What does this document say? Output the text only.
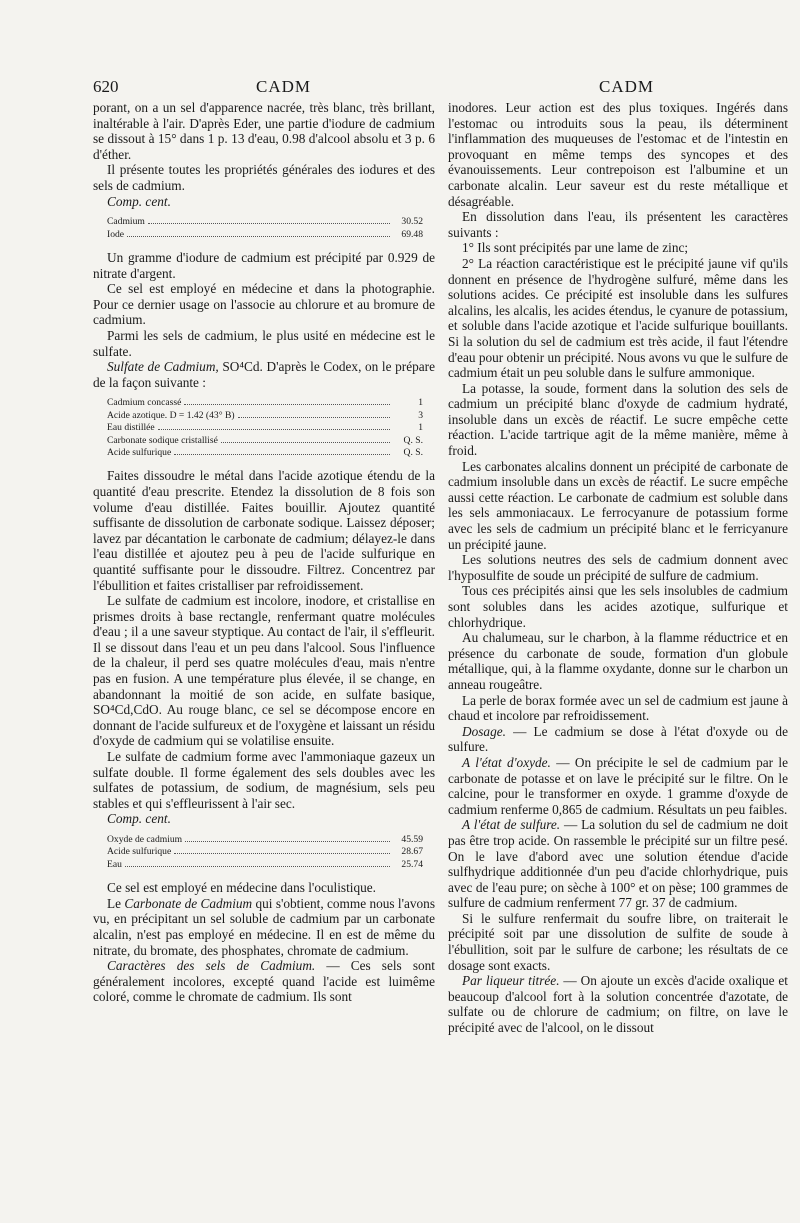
620	CADM	CADM

porant, on a un sel d'apparence nacrée, très blanc, très brillant, inaltérable à l'air. D'après Eder, une partie d'iodure de cadmium se dissout à 15° dans 1 p. 13 d'eau, 0.98 d'alcool absolu et 3 p. 6 d'éther.

Il présente toutes les propriétés générales des iodures et des sels de cadmium.

Comp. cent.

Cadmium	30.52
Iode	69.48

Un gramme d'iodure de cadmium est précipité par 0.929 de nitrate d'argent.

Ce sel est employé en médecine et dans la photographie. Pour ce dernier usage on l'associe au chlorure et au bromure de cadmium.

Parmi les sels de cadmium, le plus usité en médecine est le sulfate.

Sulfate de Cadmium, SO⁴Cd. D'après le Codex, on le prépare de la façon suivante :

Cadmium concassé	1
Acide azotique. D = 1.42 (43° B)	3
Eau distillée	1
Carbonate sodique cristallisé	Q. S.
Acide sulfurique	Q. S.

Faites dissoudre le métal dans l'acide azotique étendu de la quantité d'eau prescrite. Etendez la dissolution de 8 fois son volume d'eau distillée. Faites bouillir. Ajoutez quantité suffisante de dissolution de carbonate sodique. Laissez déposer; lavez par décantation le carbonate de cadmium; délayez-le dans l'eau distillée et ajoutez peu à peu de l'acide sulfurique en quantité suffisante pour le dissoudre. Filtrez. Concentrez par l'ébullition et faites cristalliser par refroidissement.

Le sulfate de cadmium est incolore, inodore, et cristallise en prismes droits à base rectangle, renfermant quatre molécules d'eau ; il a une saveur styptique. Au contact de l'air, il s'effleurit. Il se dissout dans l'eau et un peu dans l'alcool. Sous l'influence de la chaleur, il perd ses quatre molécules d'eau, mais n'entre pas en fusion. A une température plus élevée, il se change, en abandonnant la moitié de son acide, en sulfate basique, SO⁴Cd,CdO. Au rouge blanc, ce sel se décompose encore en donnant de l'acide sulfureux et de l'oxygène et laissant un résidu d'oxyde de cadmium qui se volatilise ensuite.

Le sulfate de cadmium forme avec l'ammoniaque gazeux un sulfate double. Il forme également des sels doubles avec les sulfates de potassium, de sodium, de magnésium, sels peu stables et qui s'effleurissent à l'air sec.

Comp. cent.

Oxyde de cadmium	45.59
Acide sulfurique	28.67
Eau	25.74

Ce sel est employé en médecine dans l'oculistique.

Le Carbonate de Cadmium qui s'obtient, comme nous l'avons vu, en précipitant un sel soluble de cadmium par un carbonate alcalin, n'est pas employé en médecine. Il en est de même du nitrate, du bromate, des phosphates, chromate de cadmium.

Caractères des sels de Cadmium. — Ces sels sont généralement incolores, excepté quand l'acide est luimême coloré, comme le chromate de cadmium. Ils sont

inodores. Leur action est des plus toxiques. Ingérés dans l'estomac ou introduits sous la peau, ils déterminent l'inflammation des muqueuses de l'estomac et de l'intestin en provoquant en même temps des syncopes et des évanouissements. Leur contrepoison est l'albumine et un carbonate alcalin. Leur saveur est du reste métallique et désagréable.

En dissolution dans l'eau, ils présentent les caractères suivants :

1° Ils sont précipités par une lame de zinc;

2° La réaction caractéristique est le précipité jaune vif qu'ils donnent en présence de l'hydrogène sulfuré, même dans les solutions acides. Ce précipité est insoluble dans les sulfures alcalins, les alcalis, les acides étendus, le cyanure de potassium, et soluble dans l'acide azotique et l'acide sulfurique bouillants. Si la solution du sel de cadmium est très acide, il faut l'étendre d'eau pour obtenir un précipité. Nous avons vu que le sulfure de cadmium était un peu soluble dans le sulfure ammonique.

La potasse, la soude, forment dans la solution des sels de cadmium un précipité blanc d'oxyde de cadmium hydraté, insoluble dans un excès de réactif. Le sucre empêche cette réaction. L'acide tartrique agit de la même manière, même à froid.

Les carbonates alcalins donnent un précipité de carbonate de cadmium insoluble dans un excès de réactif. Le sucre empêche aussi cette réaction. Le carbonate de cadmium est soluble dans les sels ammoniacaux. Le ferrocyanure de potassium forme avec les sels de cadmium un précipité blanc et le ferricyanure un précipité jaune.

Les solutions neutres des sels de cadmium donnent avec l'hyposulfite de soude un précipité de sulfure de cadmium.

Tous ces précipités ainsi que les sels insolubles de cadmium sont solubles dans les acides azotique, sulfurique et chlorhydrique.

Au chalumeau, sur le charbon, à la flamme réductrice et en présence du carbonate de soude, formation d'un globule métallique, qui, à la flamme oxydante, donne sur le charbon un anneau rougeâtre.

La perle de borax formée avec un sel de cadmium est jaune à chaud et incolore par refroidissement.

Dosage. — Le cadmium se dose à l'état d'oxyde ou de sulfure.

A l'état d'oxyde. — On précipite le sel de cadmium par le carbonate de potasse et on lave le précipité sur le filtre. On le calcine, pour le transformer en oxyde. 1 gramme d'oxyde de cadmium renferme 0,865 de cadmium. Résultats un peu faibles.

A l'état de sulfure. — La solution du sel de cadmium ne doit pas être trop acide. On rassemble le précipité sur un filtre pesé. On le lave d'abord avec une solution étendue d'acide sulfhydrique additionnée d'un peu d'acide chlorhydrique, puis avec de l'eau pure; on sèche à 100° et on pèse; 100 grammes de sulfure de cadmium renferment 77 gr. 37 de cadmium.

Si le sulfure renfermait du soufre libre, on traiterait le précipité soit par une dissolution de sulfite de soude à l'ébullition, soit par le sulfure de carbone; les résultats de ce dosage sont exacts.

Par liqueur titrée. — On ajoute un excès d'acide oxalique et beaucoup d'alcool fort à la solution concentrée d'azotate, de sulfate ou de chlorure de cadmium; on filtre, on lave le précipité avec de l'alcool, on le dissout
